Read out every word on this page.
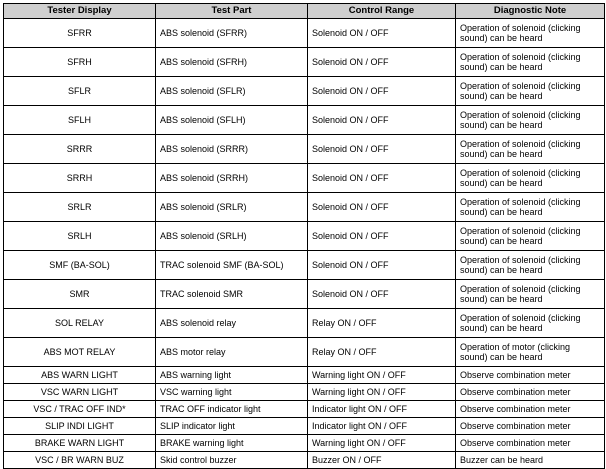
Tester Display	Test Part	Control Range	Diagnostic Note
SFRR	ABS solenoid (SFRR)	Solenoid ON / OFF	Operation of solenoid (clicking sound) can be heard
SFRH	ABS solenoid (SFRH)	Solenoid ON / OFF	Operation of solenoid (clicking sound) can be heard
SFLR	ABS solenoid (SFLR)	Solenoid ON / OFF	Operation of solenoid (clicking sound) can be heard
SFLH	ABS solenoid (SFLH)	Solenoid ON / OFF	Operation of solenoid (clicking sound) can be heard
SRRR	ABS solenoid (SRRR)	Solenoid ON / OFF	Operation of solenoid (clicking sound) can be heard
SRRH	ABS solenoid (SRRH)	Solenoid ON / OFF	Operation of solenoid (clicking sound) can be heard
SRLR	ABS solenoid (SRLR)	Solenoid ON / OFF	Operation of solenoid (clicking sound) can be heard
SRLH	ABS solenoid (SRLH)	Solenoid ON / OFF	Operation of solenoid (clicking sound) can be heard
SMF (BA-SOL)	TRAC solenoid SMF (BA-SOL)	Solenoid ON / OFF	Operation of solenoid (clicking sound) can be heard
SMR	TRAC solenoid SMR	Solenoid ON / OFF	Operation of solenoid (clicking sound) can be heard
SOL RELAY	ABS solenoid relay	Relay ON / OFF	Operation of solenoid (clicking sound) can be heard
ABS MOT RELAY	ABS motor relay	Relay ON / OFF	Operation of motor (clicking sound) can be heard
ABS WARN LIGHT	ABS warning light	Warning light ON / OFF	Observe combination meter
VSC WARN LIGHT	VSC warning light	Warning light ON / OFF	Observe combination meter
VSC / TRAC OFF IND*	TRAC OFF indicator light	Indicator light ON / OFF	Observe combination meter
SLIP INDI LIGHT	SLIP indicator light	Indicator light ON / OFF	Observe combination meter
BRAKE WARN LIGHT	BRAKE warning light	Warning light ON / OFF	Observe combination meter
VSC / BR WARN BUZ	Skid control buzzer	Buzzer ON / OFF	Buzzer can be heard
